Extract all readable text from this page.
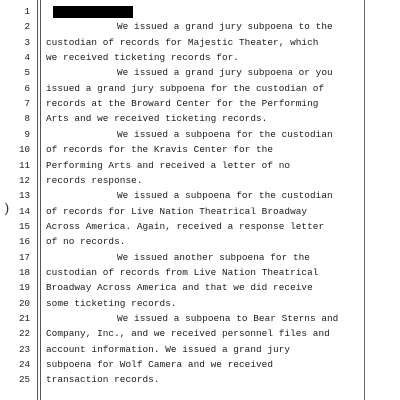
1
2
3
4
5
6
7
8
9
10
11
12
13
14
15
16
17
18
19
20
21
22
23
24
25
We issued a grand jury subpoena to the
custodian of records for Majestic Theater, which
we received ticketing records for.
We issued a grand jury subpoena or you
issued a grand jury subpoena for the custodian of
records at the Broward Center for the Performing
Arts and we received ticketing records.
We issued a subpoena for the custodian
of records for the Kravis Center for the
Performing Arts and received a letter of no
records response.
We issued a subpoena for the custodian
of records for Live Nation Theatrical Broadway
Across America. Again, received a response letter
of no records.
We issued another subpoena for the
custodian of records from Live Nation Theatrical
Broadway Across America and that we did receive
some ticketing records.
We issued a subpoena to Bear Sterns and
Company, Inc., and we received personnel files and
account information. We issued a grand jury
subpoena for Wolf Camera and we received
transaction records.
)
